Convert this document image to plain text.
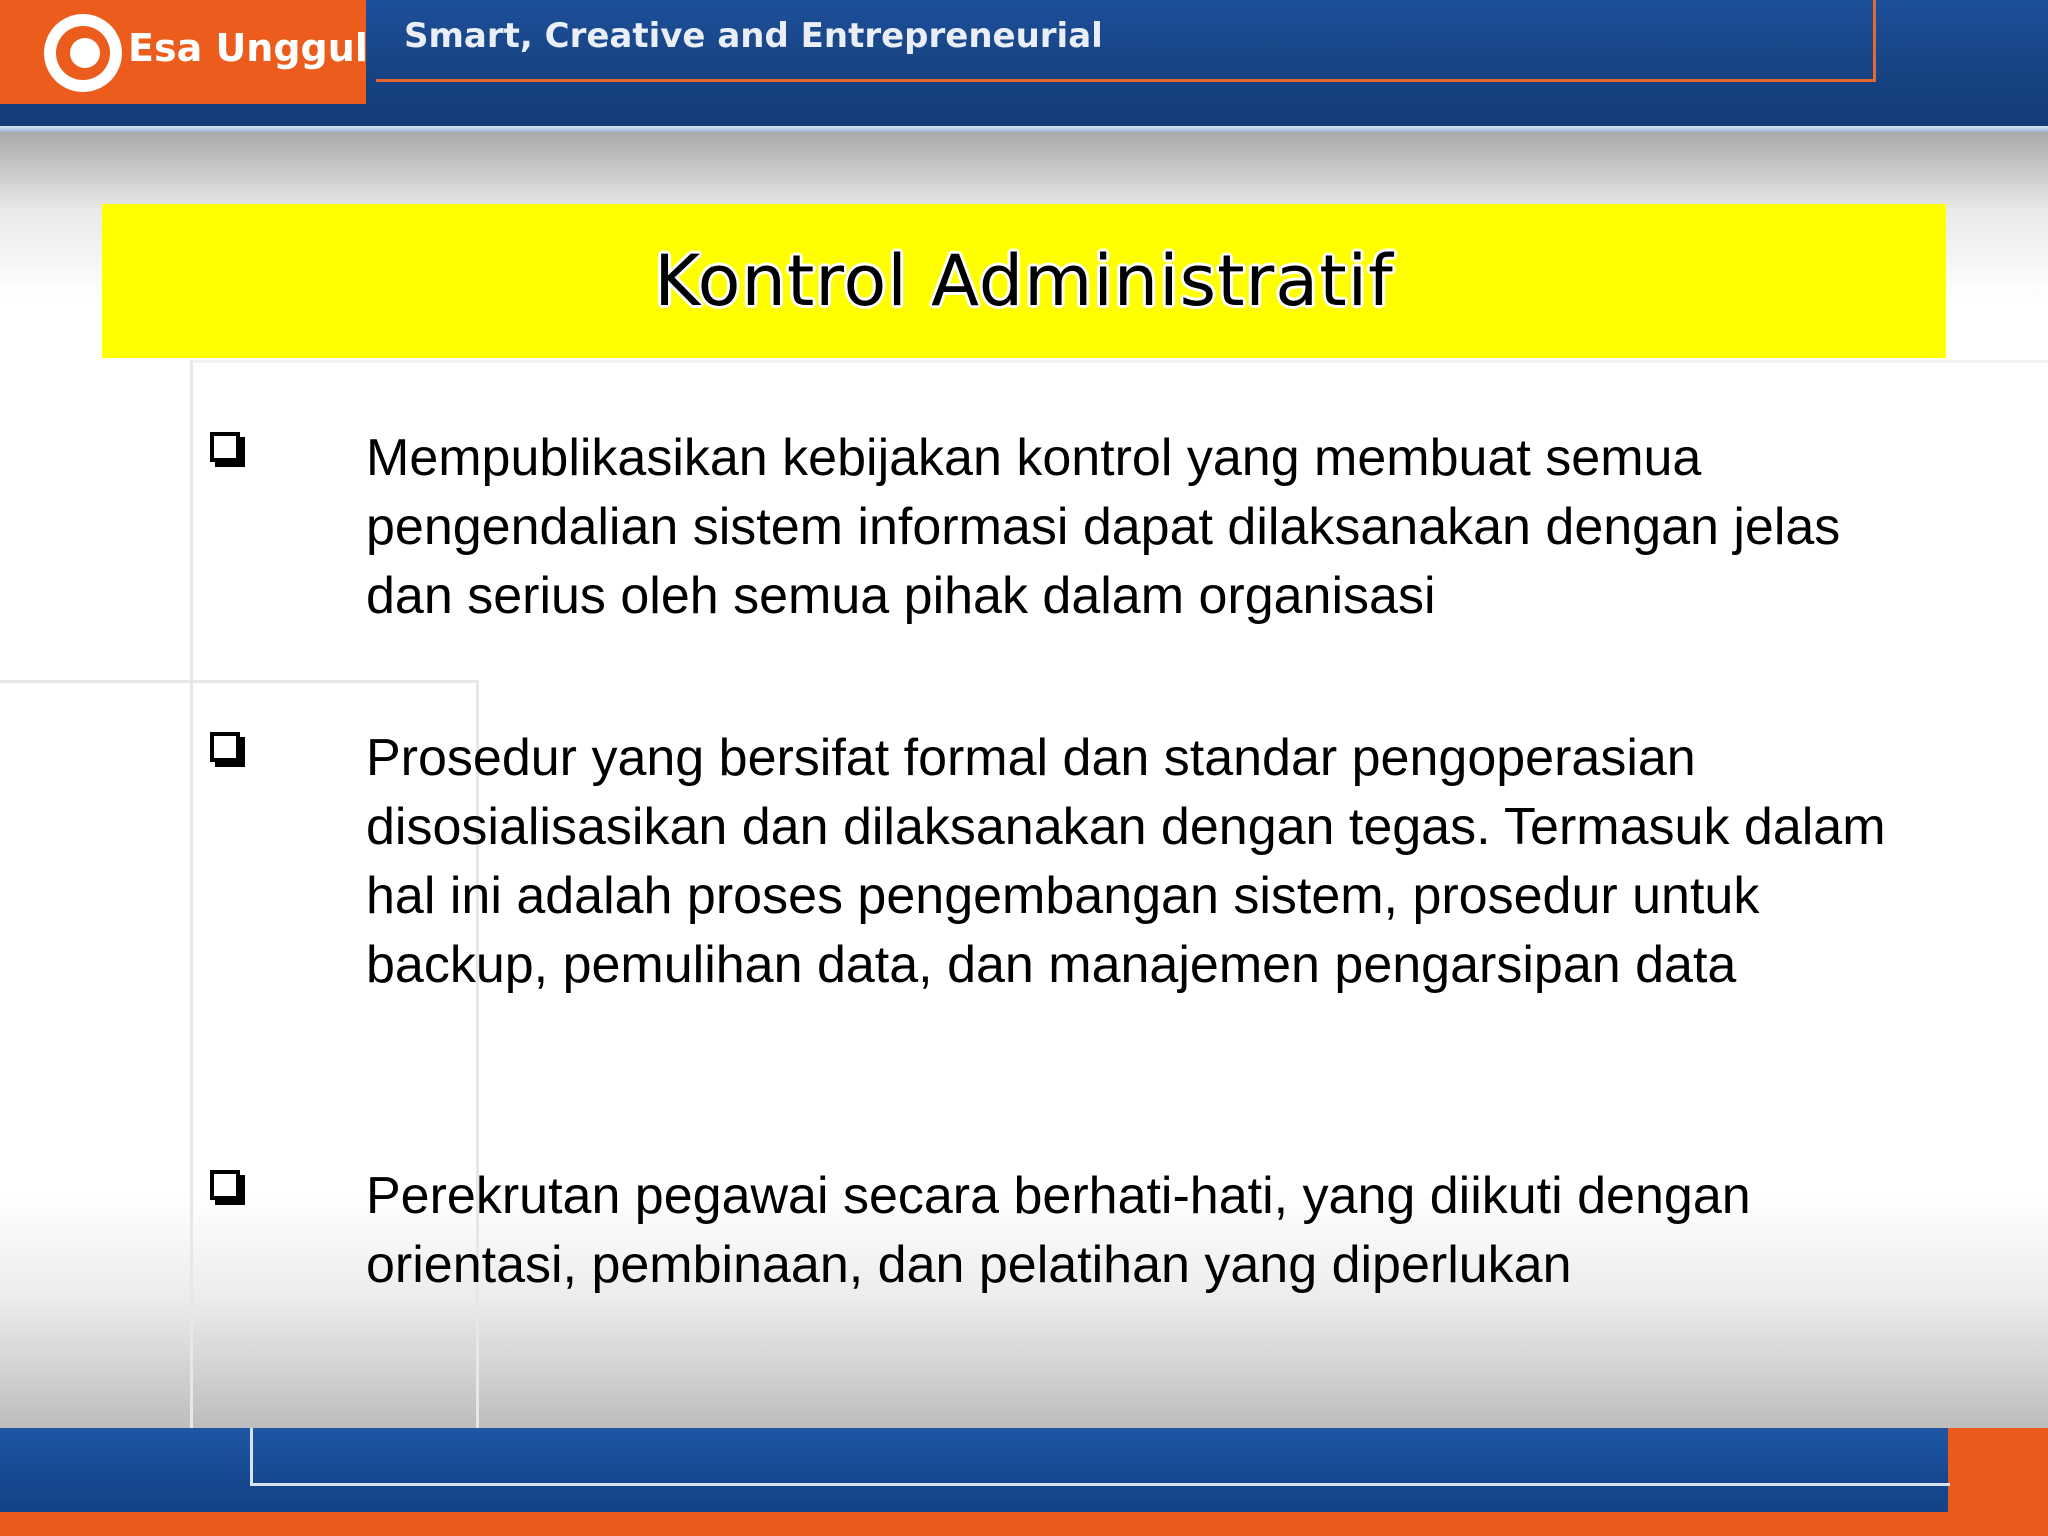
Esa Unggul Smart, Creative and Entrepreneurial
Kontrol Administratif
Mempublikasikan kebijakan kontrol yang membuat semua pengendalian sistem informasi dapat dilaksanakan dengan jelas dan serius oleh semua pihak dalam organisasi
Prosedur yang bersifat formal dan standar pengoperasian disosialisasikan dan dilaksanakan dengan tegas. Termasuk dalam hal ini adalah proses pengembangan sistem, prosedur untuk backup, pemulihan data, dan manajemen pengarsipan data
Perekrutan pegawai secara berhati-hati, yang diikuti dengan orientasi, pembinaan, dan pelatihan yang diperlukan
